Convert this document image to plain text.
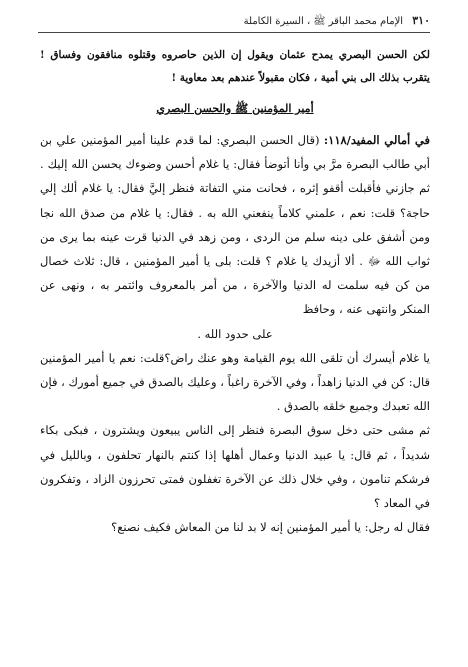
٣١٠ الإمام محمد الباقر ﷺ ، السيرة الكاملة

لكن الحسن البصري يمدح عثمان ويقول إن الذين حاصروه وقتلوه منافقون وفساق ! يتقرب بذلك الى بني أمية ، فكان مقبولاً عندهم بعد معاوية !

أمير المؤمنين ﷺ والحسن البصري

في أمالي المفيد/١١٨: (قال الحسن البصري: لما قدم علينا أمير المؤمنين علي بن أبي طالب البصرة مرَّ بي وأنا أتوضأ فقال: يا غلام أحسن وضوءك يحسن الله إليك . ثم جازني فأقبلت أقفو إثره ، فحانت مني التفاتة فنظر إليَّ فقال: يا غلام ألك إلي حاجة؟ قلت: نعم ، علمني كلاماً ينفعني الله به . فقال: يا غلام من صدق الله نجا ومن أشفق على دينه سلم من الردى ، ومن زهد في الدنيا قرت عينه بما يرى من ثواب الله ﷻ . ألا أزيدك يا غلام ؟ قلت: بلى يا أمير المؤمنين ، قال: ثلاث خصال من كن فيه سلمت له الدنيا والآخرة ، من أمر بالمعروف وائتمر به ، ونهى عن المنكر وانتهى عنه ، وحافظ

على حدود الله .

يا غلام أيسرك أن تلقى الله يوم القيامة وهو عنك راض؟قلت: نعم يا أمير المؤمنين قال: كن في الدنيا زاهداً ، وفي الآخرة راغباً ، وعليك بالصدق في جميع أمورك ، فإن الله تعبدك وجميع خلقه بالصدق .

ثم مشى حتى دخل سوق البصرة فنظر إلى الناس يبيعون ويشترون ، فبكى بكاء شديداً ، ثم قال: يا عبيد الدنيا وعمال أهلها إذا كنتم بالنهار تحلفون ، وبالليل في فرشكم تنامون ، وفي خلال ذلك عن الآخرة تغفلون فمتى تحرزون الزاد ، وتفكرون في المعاد ؟

فقال له رجل: يا أمير المؤمنين إنه لا بد لنا من المعاش فكيف نصنع؟
